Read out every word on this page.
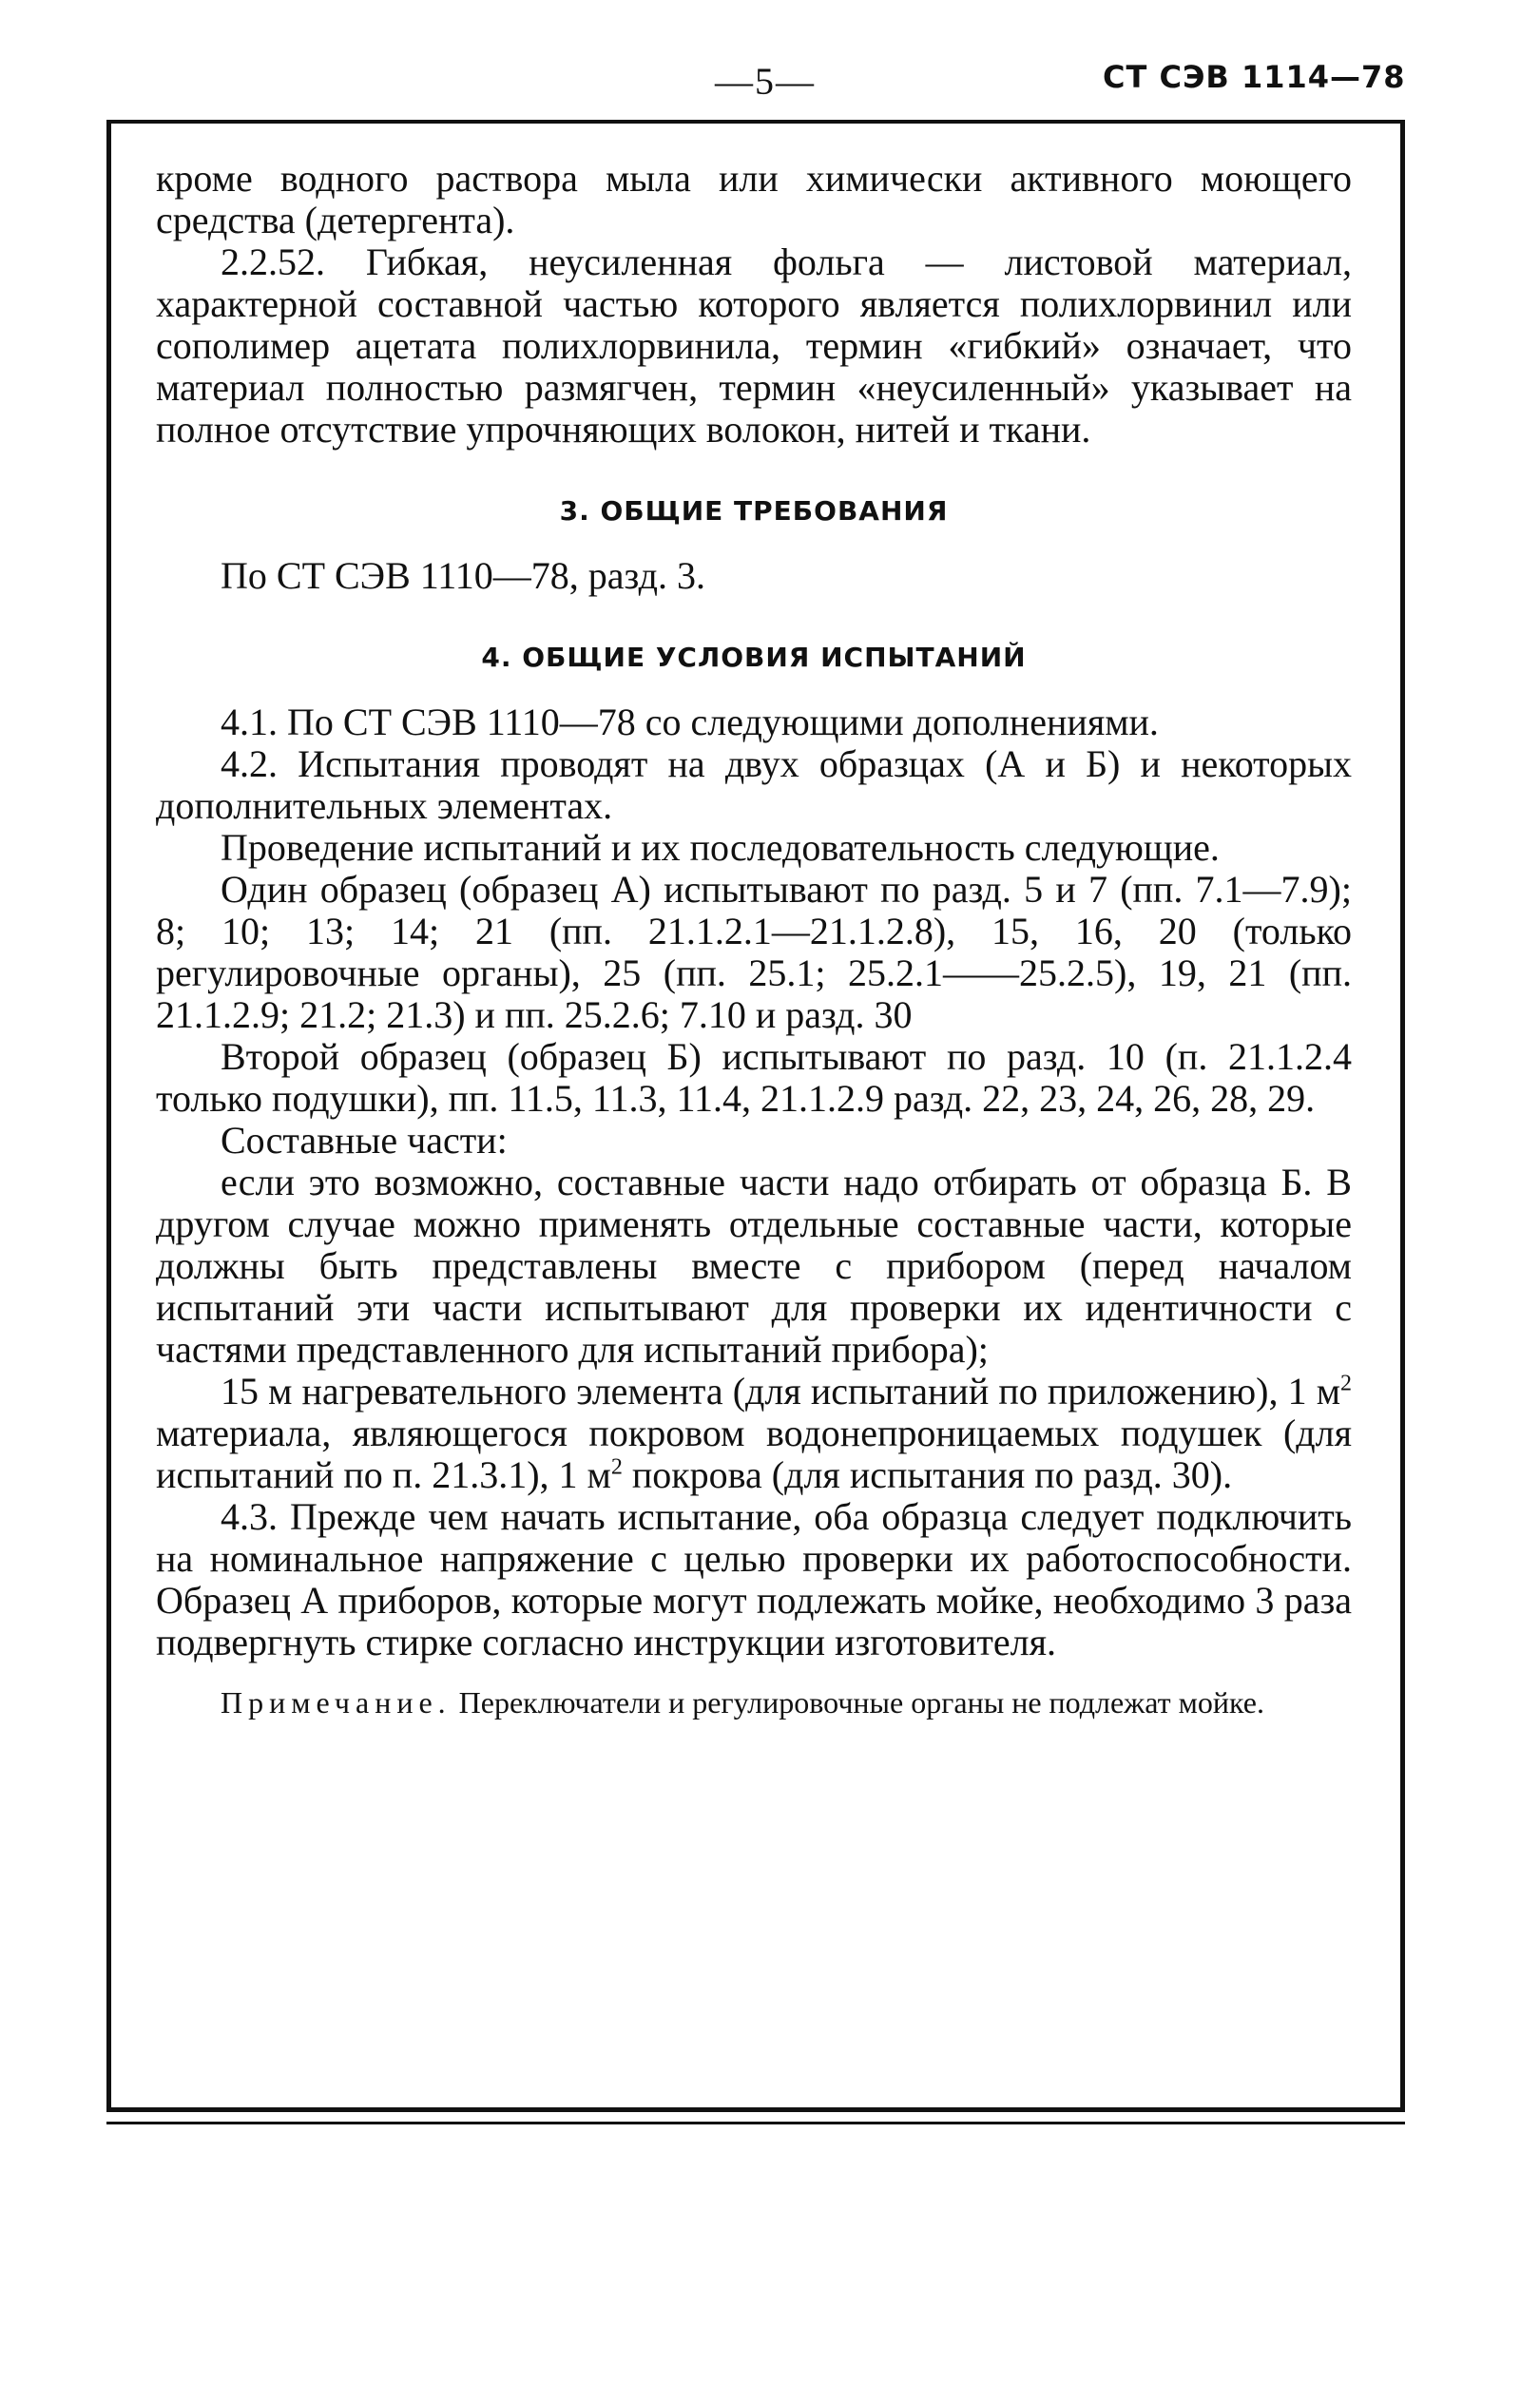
—5—	СТ СЭВ 1114—78

кроме водного раствора мыла или химически активного моющего средства (детергента).

2.2.52. Гибкая, неусиленная фольга — листовой материал, характерной составной частью которого является полихлорвинил или сополимер ацетата полихлорвинила, термин «гибкий» означает, что материал полностью размягчен, термин «неусиленный» указывает на полное отсутствие упрочняющих волокон, нитей и ткани.

3. ОБЩИЕ ТРЕБОВАНИЯ

По СТ СЭВ 1110—78, разд. 3.

4. ОБЩИЕ УСЛОВИЯ ИСПЫТАНИЙ

4.1. По СТ СЭВ 1110—78 со следующими дополнениями.

4.2. Испытания проводят на двух образцах (А и Б) и некоторых дополнительных элементах.

Проведение испытаний и их последовательность следующие.

Один образец (образец А) испытывают по разд. 5 и 7 (пп. 7.1—7.9); 8; 10; 13; 14; 21 (пп. 21.1.2.1—21.1.2.8), 15, 16, 20 (только регулировочные органы), 25 (пп. 25.1; 25.2.1——25.2.5), 19, 21 (пп. 21.1.2.9; 21.2; 21.3) и пп. 25.2.6; 7.10 и разд. 30

Второй образец (образец Б) испытывают по разд. 10 (п. 21.1.2.4 только подушки), пп. 11.5, 11.3, 11.4, 21.1.2.9 разд. 22, 23, 24, 26, 28, 29.

Составные части:

если это возможно, составные части надо отбирать от образца Б. В другом случае можно применять отдельные составные части, которые должны быть представлены вместе с прибором (перед началом испытаний эти части испытывают для проверки их идентичности с частями представленного для испытаний прибора);

15 м нагревательного элемента (для испытаний по приложению), 1 $м^2$ материала, являющегося покровом водонепроницаемых подушек (для испытаний по п. 21.3.1), 1 $м^2$ покрова (для испытания по разд. 30).

4.3. Прежде чем начать испытание, оба образца следует подключить на номинальное напряжение с целью проверки их работоспособности. Образец А приборов, которые могут подлежать мойке, необходимо 3 раза подвергнуть стирке согласно инструкции изготовителя.

Примечание. Переключатели и регулировочные органы не подлежат мойке.
